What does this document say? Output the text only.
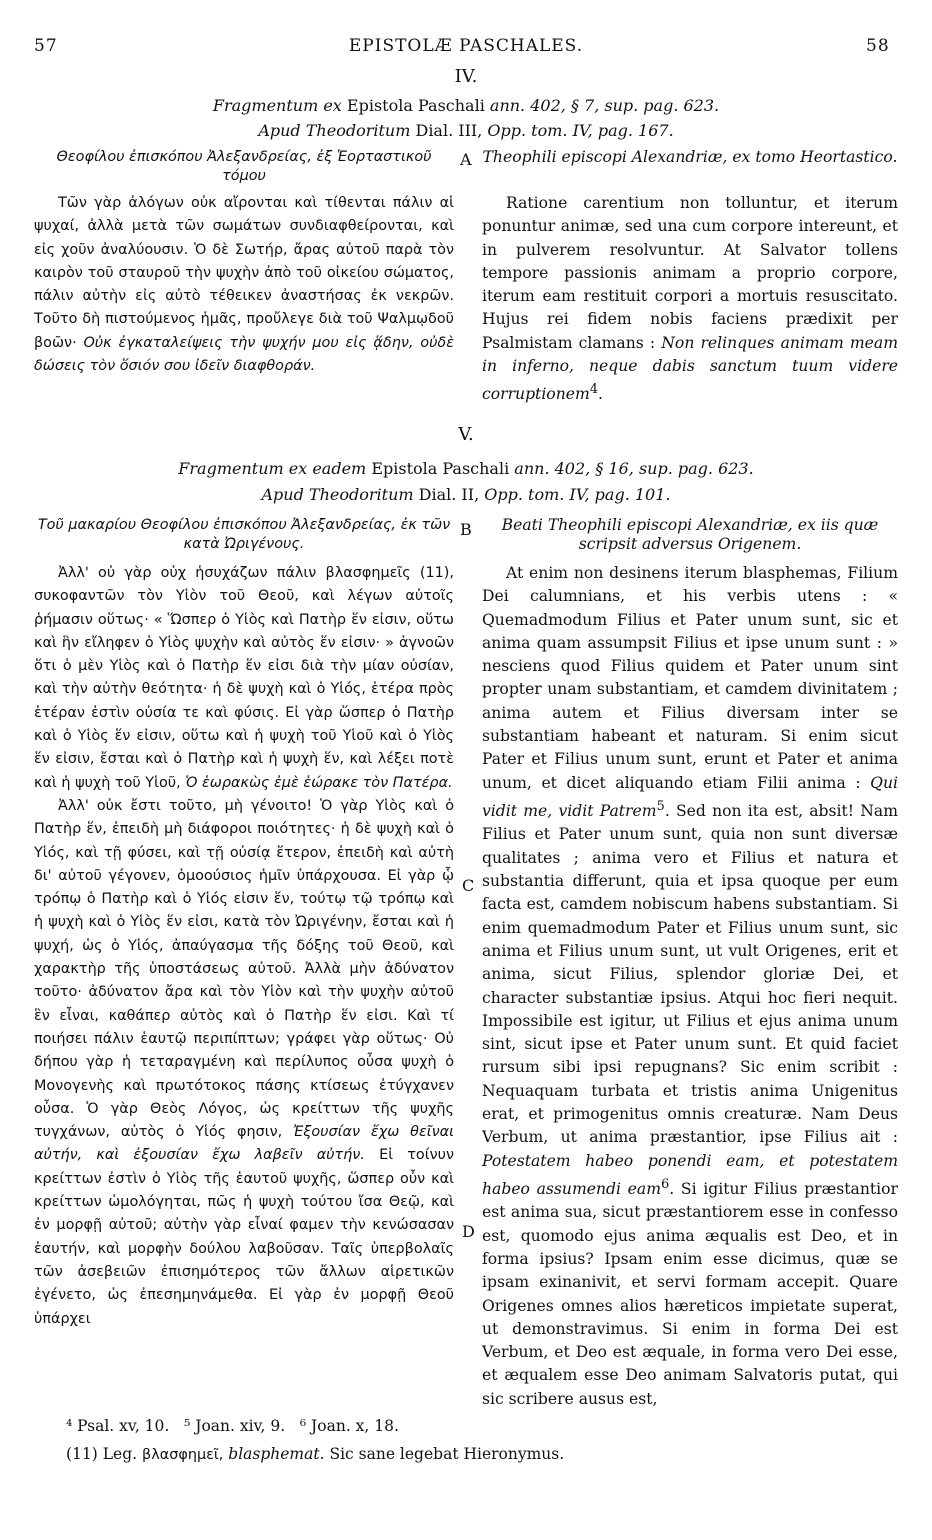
57	EPISTOLÆ PASCHALES.	58
IV.
Fragmentum ex Epistola Paschali ann. 402, § 7, sup. pag. 623.
Apud Theodoritum Dial. III, Opp. tom. IV, pag. 167.
Θεοφίλου ἐπισκόπου Ἀλεξανδρείας, ἐξ Ἑορταστικοῦ τόμου
A Theophili episcopi Alexandriæ, ex tomo Heortastico.

Τῶν γὰρ ἀλόγων οὐκ αἴρονται καὶ τίθενται πάλιν αἱ ψυχαί, ἀλλὰ μετὰ τῶν σωμάτων συνδιαφθείρονται, καὶ εἰς χοῦν ἀναλύουσιν. Ὁ δὲ Σωτήρ, ἄρας αὐτοῦ παρὰ τὸν καιρὸν τοῦ σταυροῦ τὴν ψυχὴν ἀπὸ τοῦ οἰκείου σώματος, πάλιν αὐτὴν εἰς αὐτὸ τέθεικεν ἀναστήσας ἐκ νεκρῶν. Τοῦτο δὴ πιστούμενος ἡμᾶς, προὔλεγε διὰ τοῦ Ψαλμῳδοῦ βοῶν· Οὐκ ἐγκαταλείψεις τὴν ψυχήν μου εἰς ᾅδην, οὐδὲ δώσεις τὸν ὅσιόν σου ἰδεῖν διαφθοράν.

Ratione carentium non tolluntur, et iterum ponuntur animæ, sed una cum corpore intereunt, et in pulverem resolvuntur. At Salvator tollens tempore passionis animam a proprio corpore, iterum eam restituit corpori a mortuis resuscitato. Hujus rei fidem nobis faciens prædixit per Psalmistam clamans : Non relinques animam meam in inferno, neque dabis sanctum tuum videre corruptionem$^4$.

V.
Fragmentum ex eadem Epistola Paschali ann. 402, § 16, sup. pag. 623.
Apud Theodoritum Dial. II, Opp. tom. IV, pag. 101.
Τοῦ μακαρίου Θεοφίλου ἐπισκόπου Ἀλεξανδρείας, ἐκ τῶν κατὰ Ὠριγένους.
B	Beati Theophili episcopi Alexandriæ, ex iis quæ scripsit adversus Origenem.

Ἀλλ' οὐ γὰρ οὐχ ἡσυχάζων πάλιν βλασφημεῖς (11), συκοφαντῶν τὸν Υἱὸν τοῦ Θεοῦ, καὶ λέγων αὐτοῖς ῥήμασιν οὕτως· « Ὥσπερ ὁ Υἱὸς καὶ Πατὴρ ἕν εἰσιν, οὕτω καὶ ἣν εἴληφεν ὁ Υἱὸς ψυχὴν καὶ αὐτὸς ἕν εἰσιν· » ἀγνοῶν ὅτι ὁ μὲν Υἱὸς καὶ ὁ Πατὴρ ἕν εἰσι διὰ τὴν μίαν οὐσίαν, καὶ τὴν αὐτὴν θεότητα· ἡ δὲ ψυχὴ καὶ ὁ Υἱός, ἑτέρα πρὸς ἑτέραν ἐστὶν οὐσία τε καὶ φύσις. Εἰ γὰρ ὥσπερ ὁ Πατὴρ καὶ ὁ Υἱὸς ἕν εἰσιν, οὕτω καὶ ἡ ψυχὴ τοῦ Υἱοῦ καὶ ὁ Υἱὸς ἕν εἰσιν, ἔσται καὶ ὁ Πατὴρ καὶ ἡ ψυχὴ ἕν, καὶ λέξει ποτὲ καὶ ἡ ψυχὴ τοῦ Υἱοῦ, Ὁ ἑωρακὼς ἐμὲ ἑώρακε τὸν Πατέρα.

Ἀλλ' οὐκ ἔστι τοῦτο, μὴ γένοιτο! Ὁ γὰρ Υἱὸς καὶ ὁ Πατὴρ ἕν, ἐπειδὴ μὴ διάφοροι ποιότητες· ἡ δὲ ψυχὴ καὶ ὁ Υἱός, καὶ τῇ φύσει, καὶ τῇ οὐσίᾳ ἕτερον, ἐπειδὴ καὶ αὐτὴ δι' αὐτοῦ γέγονεν, ὁμοούσιος ἡμῖν ὑπάρχουσα. Εἰ γὰρ ᾧ τρόπῳ ὁ Πατὴρ καὶ ὁ Υἱός εἰσιν ἕν, τούτῳ τῷ τρόπῳ καὶ ἡ ψυχὴ καὶ ὁ Υἱὸς ἕν εἰσι, κατὰ τὸν Ὠριγένην, ἔσται καὶ ἡ ψυχή, ὡς ὁ Υἱός, ἀπαύγασμα τῆς δόξης τοῦ Θεοῦ, καὶ χαρακτὴρ τῆς ὑποστάσεως αὐτοῦ. Ἀλλὰ μὴν ἀδύνατον τοῦτο· ἀδύνατον ἄρα καὶ τὸν Υἱὸν καὶ τὴν ψυχὴν αὐτοῦ ἓν εἶναι, καθάπερ αὐτὸς καὶ ὁ Πατὴρ ἕν εἰσι. Καὶ τί ποιήσει πάλιν ἑαυτῷ περιπίπτων; γράφει γὰρ οὕτως· Οὐ δήπου γὰρ ἡ τεταραγμένη καὶ περίλυπος οὖσα ψυχὴ ὁ Μονογενὴς καὶ πρωτότοκος πάσης κτίσεως ἐτύγχανεν οὖσα. Ὁ γὰρ Θεὸς Λόγος, ὡς κρείττων τῆς ψυχῆς τυγχάνων, αὐτὸς ὁ Υἱός φησιν, Ἐξουσίαν ἔχω θεῖναι αὐτήν, καὶ ἐξουσίαν ἔχω λαβεῖν αὐτήν. Εἰ τοίνυν κρείττων ἐστὶν ὁ Υἱὸς τῆς ἑαυτοῦ ψυχῆς, ὥσπερ οὖν καὶ κρείττων ὡμολόγηται, πῶς ἡ ψυχὴ τούτου ἴσα Θεῷ, καὶ ἐν μορφῇ αὐτοῦ; αὐτὴν γὰρ εἶναί φαμεν τὴν κενώσασαν ἑαυτήν, καὶ μορφὴν δούλου λαβοῦσαν. Ταῖς ὑπερβολαῖς τῶν ἀσεβειῶν ἐπισημότερος τῶν ἄλλων αἱρετικῶν ἐγένετο, ὡς ἐπεσημηνάμεθα. Εἰ γὰρ ἐν μορφῇ Θεοῦ ὑπάρχει

C
D

At enim non desinens iterum blasphemas, Filium Dei calumnians, et his verbis utens : « Quemadmodum Filius et Pater unum sunt, sic et anima quam assumpsit Filius et ipse unum sunt : » nesciens quod Filius quidem et Pater unum sint propter unam substantiam, et camdem divinitatem ; anima autem et Filius diversam inter se substantiam habeant et naturam. Si enim sicut Pater et Filius unum sunt, erunt et Pater et anima unum, et dicet aliquando etiam Filii anima : Qui vidit me, vidit Patrem$^5$. Sed non ita est, absit! Nam Filius et Pater unum sunt, quia non sunt diversæ qualitates ; anima vero et Filius et natura et substantia differunt, quia et ipsa quoque per eum facta est, camdem nobiscum habens substantiam. Si enim quemadmodum Pater et Filius unum sunt, sic anima et Filius unum sunt, ut vult Origenes, erit et anima, sicut Filius, splendor gloriæ Dei, et character substantiæ ipsius. Atqui hoc fieri nequit. Impossibile est igitur, ut Filius et ejus anima unum sint, sicut ipse et Pater unum sunt. Et quid faciet rursum sibi ipsi repugnans? Sic enim scribit : Nequaquam turbata et tristis anima Unigenitus erat, et primogenitus omnis creaturæ. Nam Deus Verbum, ut anima præstantior, ipse Filius ait : Potestatem habeo ponendi eam, et potestatem habeo assumendi eam$^6$. Si igitur Filius præstantior est anima sua, sicut præstantiorem esse in confesso est, quomodo ejus anima æqualis est Deo, et in forma ipsius? Ipsam enim esse dicimus, quæ se ipsam exinanivit, et servi formam accepit. Quare Origenes omnes alios hæreticos impietate superat, ut demonstravimus. Si enim in forma Dei est Verbum, et Deo est æquale, in forma vero Dei esse, et æqualem esse Deo animam Salvatoris putat, qui sic scribere ausus est,

⁴ Psal. xv, 10.   ⁵ Joan. xiv, 9.   ⁶ Joan. x, 18.
(11) Leg. βλασφημεῖ, blasphemat. Sic sane legebat Hieronymus.
